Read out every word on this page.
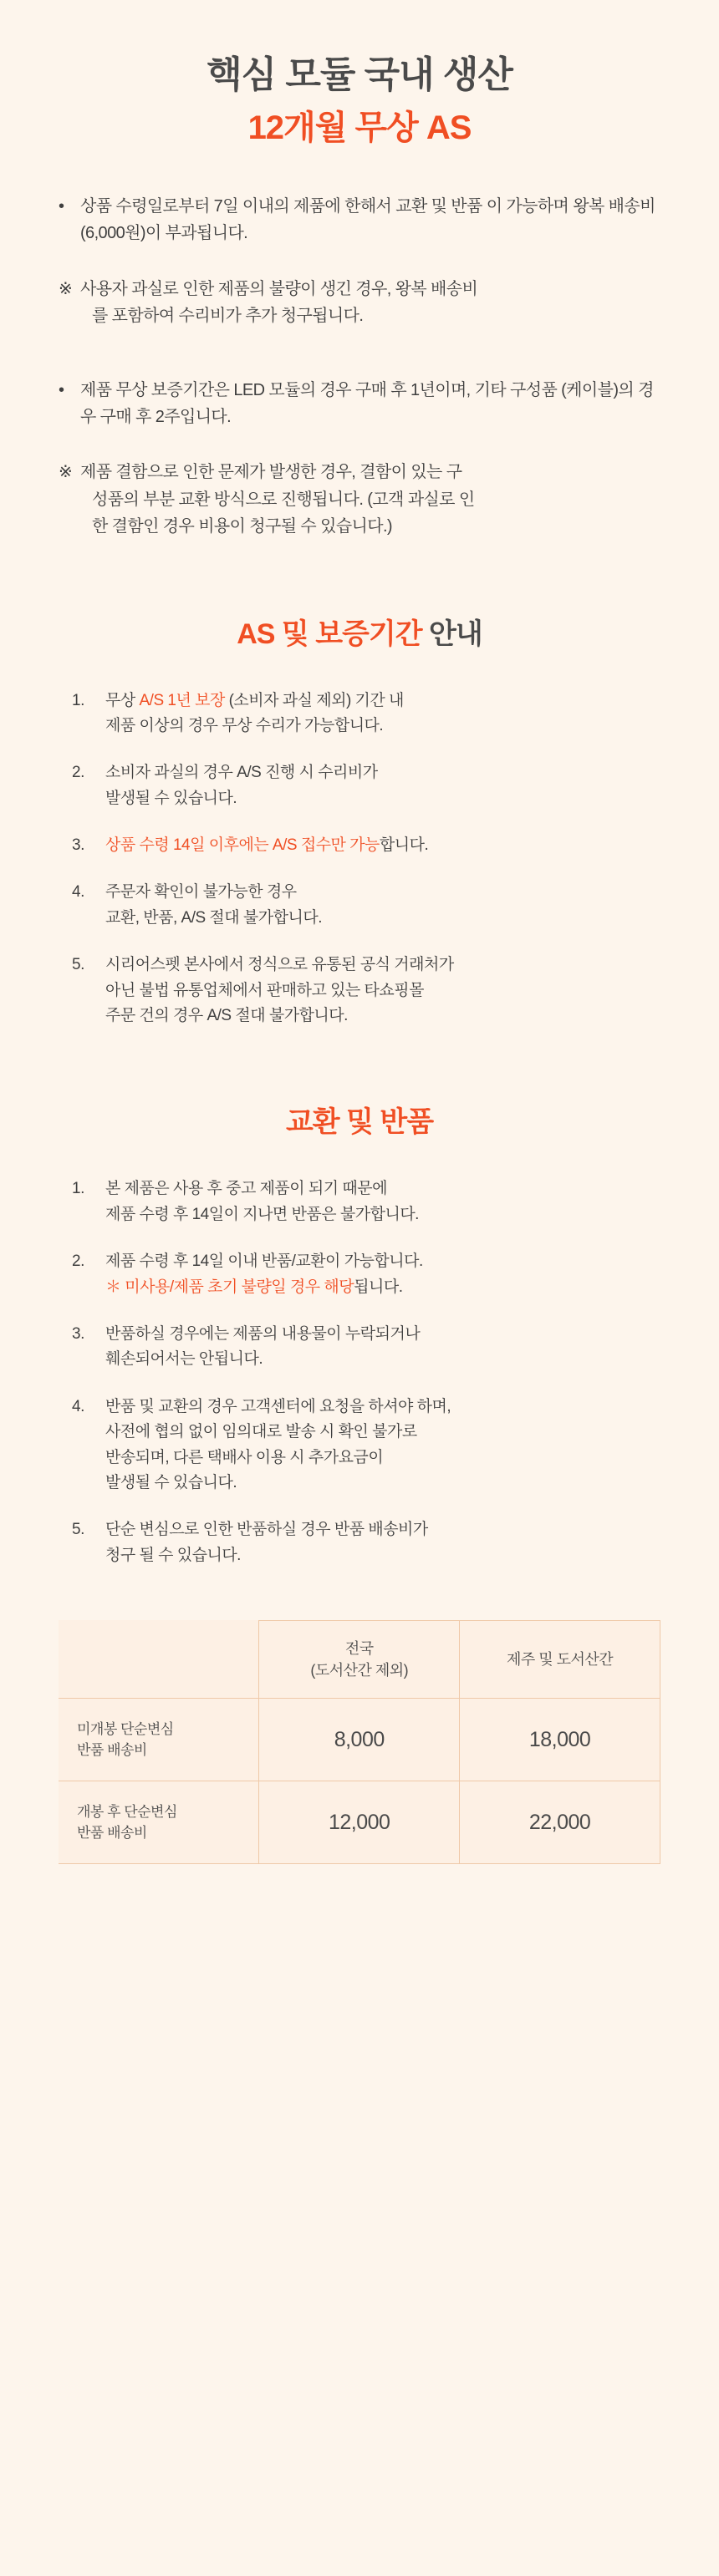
핵심 모듈 국내 생산
12개월 무상 AS
• 상품 수령일로부터 7일 이내의 제품에 한해서 교환 및 반품 이 가능하며 왕복 배송비 (6,000원)이 부과됩니다.
※ 사용자 과실로 인한 제품의 불량이 생긴 경우, 왕복 배송비
를 포함하여 수리비가 추가 청구됩니다.
• 제품 무상 보증기간은 LED 모듈의 경우 구매 후 1년이며, 기타 구성품 (케이블)의 경우 구매 후 2주입니다.
※ 제품 결함으로 인한 문제가 발생한 경우, 결함이 있는 구
성품의 부분 교환 방식으로 진행됩니다. (고객 과실로 인
한 결함인 경우 비용이 청구될 수 있습니다.)
AS 및 보증기간 안내
1.	무상 A/S 1년 보장 (소비자 과실 제외) 기간 내
제품 이상의 경우 무상 수리가 가능합니다.
2.	소비자 과실의 경우 A/S 진행 시 수리비가
발생될 수 있습니다.
3.	상품 수령 14일 이후에는 A/S 접수만 가능합니다.
4.	주문자 확인이 불가능한 경우
교환, 반품, A/S 절대 불가합니다.
5.	시리어스펫 본사에서 정식으로 유통된 공식 거래처가
아닌 불법 유통업체에서 판매하고 있는 타쇼핑몰
주문 건의 경우 A/S 절대 불가합니다.
교환 및 반품
1.	본 제품은 사용 후 중고 제품이 되기 때문에
제품 수령 후 14일이 지나면 반품은 불가합니다.
2.	제품 수령 후 14일 이내 반품/교환이 가능합니다.
＊ 미사용/제품 초기 불량일 경우 해당됩니다.
3.	반품하실 경우에는 제품의 내용물이 누락되거나
훼손되어서는 안됩니다.
4.	반품 및 교환의 경우 고객센터에 요청을 하셔야 하며,
사전에 협의 없이 임의대로 발송 시 확인 불가로
반송되며, 다른 택배사 이용 시 추가요금이
발생될 수 있습니다.
5.	단순 변심으로 인한 반품하실 경우 반품 배송비가
청구 될 수 있습니다.

	전국
(도서산간 제외)	제주 및 도서산간

미개봉 단순변심
반품 배송비	8,000	18,000

개봉 후 단순변심
반품 배송비	12,000	22,000
